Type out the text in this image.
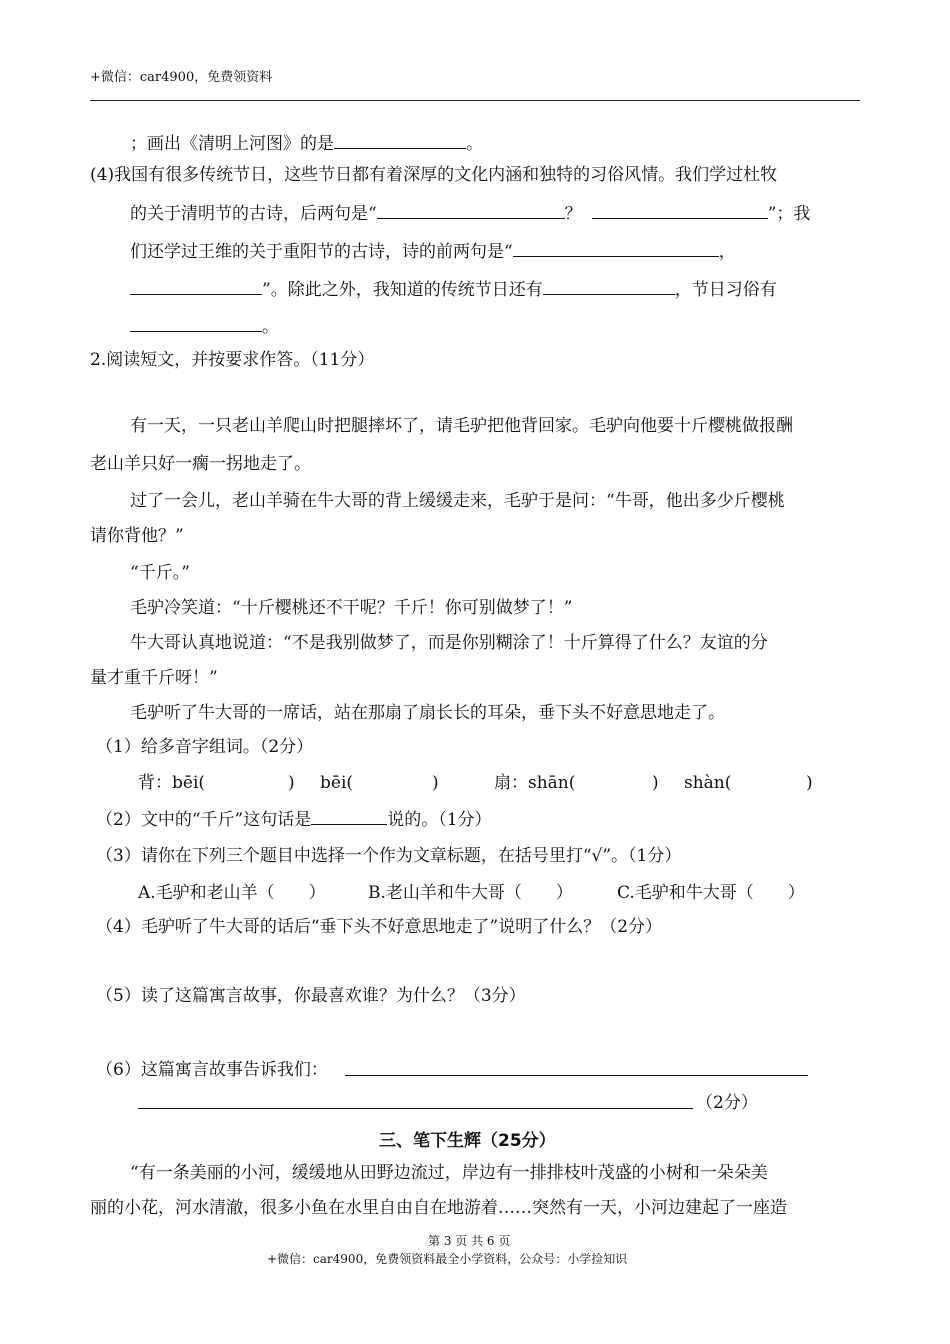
+微信：car4900，免费领资料
；画出《清明上河图》的是	。
(4)我国有很多传统节日，这些节日都有着深厚的文化内涵和独特的习俗风情。我们学过杜牧
的关于清明节的古诗，后两句是“	？	”；我
们还学过王维的关于重阳节的古诗，诗的前两句是“	，
”。除此之外，我知道的传统节日还有	，节日习俗有
。
2.阅读短文，并按要求作答。（11分）
有一天，一只老山羊爬山时把腿摔坏了，请毛驴把他背回家。毛驴向他要十斤樱桃做报酬
老山羊只好一瘸一拐地走了。
过了一会儿，老山羊骑在牛大哥的背上缓缓走来，毛驴于是问：“牛哥，他出多少斤樱桃
请你背他？”
“千斤。”
毛驴冷笑道：“十斤樱桃还不干呢？千斤！你可别做梦了！”
牛大哥认真地说道：“不是我别做梦了，而是你别糊涂了！十斤算得了什么？友谊的分
量才重千斤呀！”
毛驴听了牛大哥的一席话，站在那扇了扇长长的耳朵，垂下头不好意思地走了。
（1）给多音字组词。（2分）
背：bēi(	) bēi(	)	扇：shān(	) shàn(	)
（2）文中的“千斤”这句话是	说的。（1分）
（3）请你在下列三个题目中选择一个作为文章标题，在括号里打“√”。（1分）
A.毛驴和老山羊（　　） B.老山羊和牛大哥（　　）	C.毛驴和牛大哥（　　）
（4）毛驴听了牛大哥的话后“垂下头不好意思地走了”说明了什么？（2分）
（5）读了这篇寓言故事，你最喜欢谁？为什么？（3分）
（6）这篇寓言故事告诉我们：
（2分）
三、笔下生辉（25分）
“有一条美丽的小河，缓缓地从田野边流过，岸边有一排排枝叶茂盛的小树和一朵朵美
丽的小花，河水清澈，很多小鱼在水里自由自在地游着……突然有一天，小河边建起了一座造
第 3 页 共 6 页
+微信：car4900，免费领资料最全小学资料，公众号：小学捡知识
